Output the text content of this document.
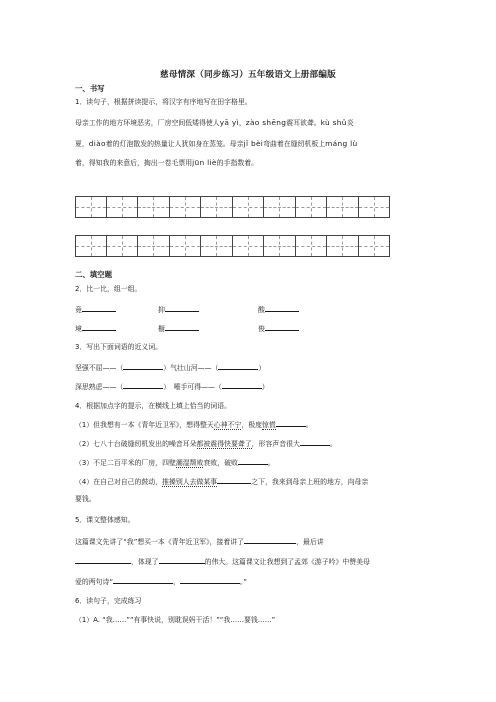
慈母情深（同步练习）五年级语文上册部编版
一、书写
1．读句子，根据拼读提示，将汉字有序地写在田字格里。
母亲工作的地方环境恶劣，厂房空间低矮得使人yā yì，zào shēng震耳欲聋。kù shǔ炎
夏，diào着的灯泡散发的热量让人犹如身在蒸笼。母亲jǐ bèi弯曲着在缝纫机板上máng lù
着，得知我的来意后，掏出一卷毛票用jūn liè的手指数着。
二、填空题
2．比一比，组一组。
竟	抑	酸
境	橱	俊
3．写出下面词语的近义词。
坚强不屈——（	）气壮山河——（	）
深思熟虑——（	）　唾手可得——（	）
4．根据加点字的提示，在横线上填上恰当的词语。
（1）但我想有一本《青年近卫军》，想得整天心神不宁，极度惊慌	。
（2）七八十台破缝纫机发出的噪音耳朵都被震得快要聋了，形容声音很大	。
（3）不足二百平米的厂房，四壁潮湿颓败衰败，破败	。
（4）在自己对自己的鼓动，推搡别人去做某事	之下，我来到母亲上班的地方，向母亲
要钱。
5．课文整体感知。
这篇课文先讲了“我”想买一本《青年近卫军》，接着讲了	，最后讲
，体现了	的伟大。这篇课文让我想到了孟郊《游子吟》中赞美母
爱的两句诗“	，	。”
6．读句子，完成练习
（1）A. “我……”“有事快说，别耽误妈干活！”“我……要钱……”
